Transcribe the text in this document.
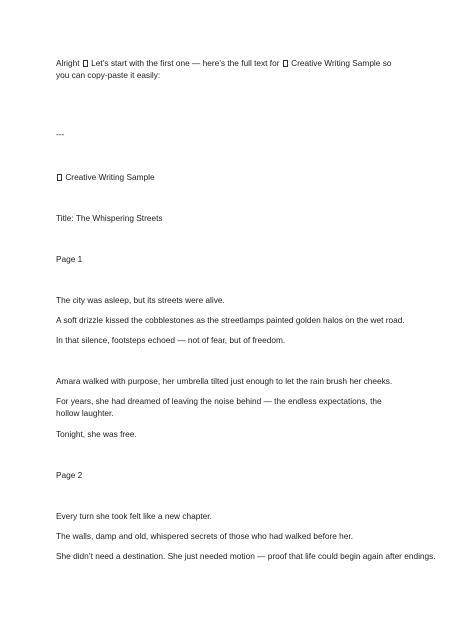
Alright Let’s start with the first one — here’s the full text for Creative Writing Sample so you can copy-paste it easily:
---
Creative Writing Sample
Title: The Whispering Streets
Page 1
The city was asleep, but its streets were alive.
A soft drizzle kissed the cobblestones as the streetlamps painted golden halos on the wet road.
In that silence, footsteps echoed — not of fear, but of freedom.
Amara walked with purpose, her umbrella tilted just enough to let the rain brush her cheeks.
For years, she had dreamed of leaving the noise behind — the endless expectations, the hollow laughter.
Tonight, she was free.
Page 2
Every turn she took felt like a new chapter.
The walls, damp and old, whispered secrets of those who had walked before her.
She didn’t need a destination. She just needed motion — proof that life could begin again after endings.
